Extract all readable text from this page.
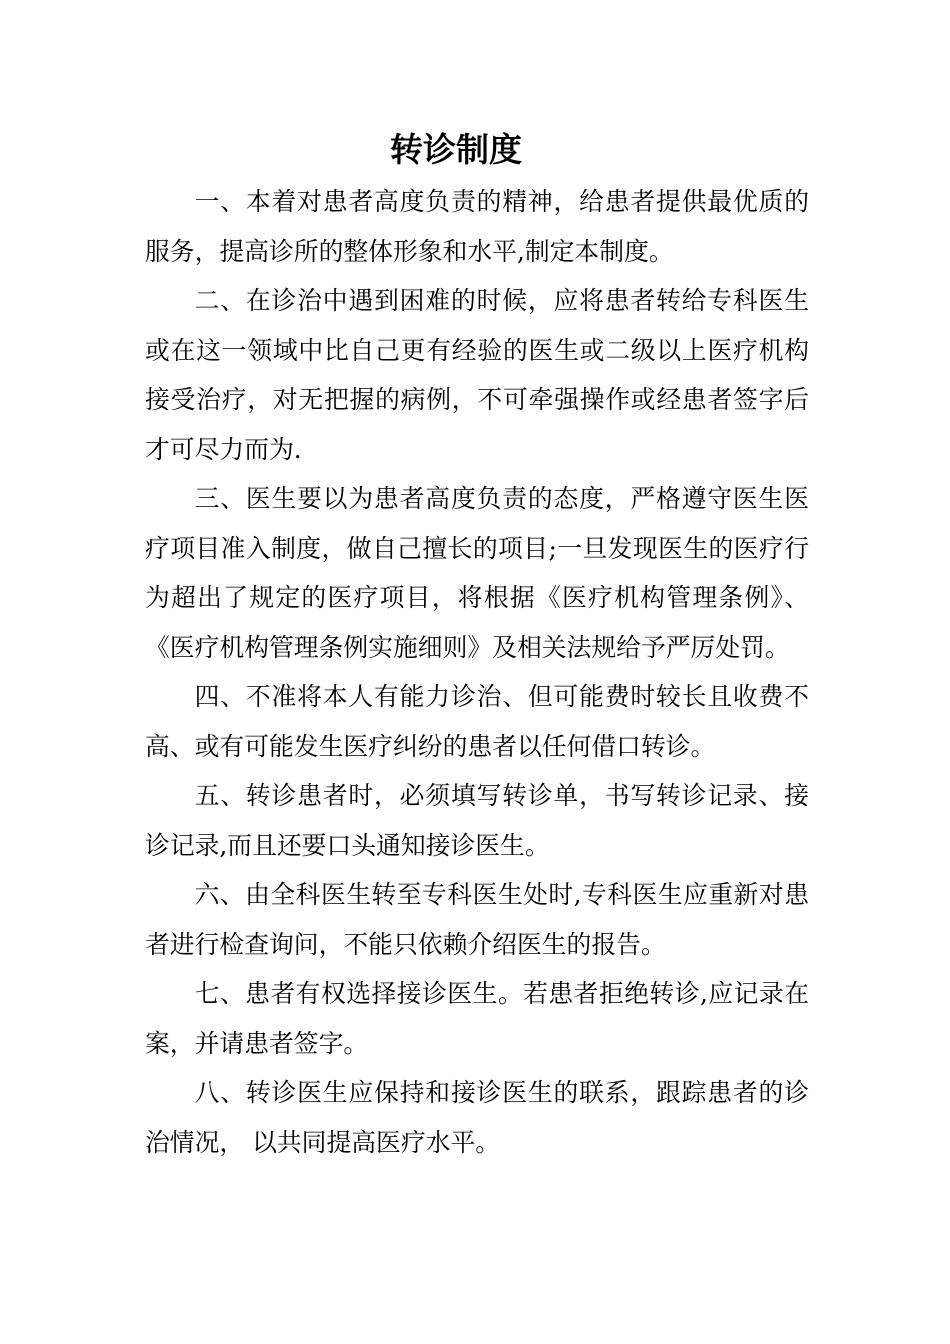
转诊制度

一、本着对患者高度负责的精神，给患者提供最优质的服务，提高诊所的整体形象和水平,制定本制度。

二、在诊治中遇到困难的时候，应将患者转给专科医生或在这一领域中比自己更有经验的医生或二级以上医疗机构接受治疗，对无把握的病例，不可牵强操作或经患者签字后才可尽力而为.

三、医生要以为患者高度负责的态度，严格遵守医生医疗项目准入制度，做自己擅长的项目;一旦发现医生的医疗行为超出了规定的医疗项目，将根据《医疗机构管理条例》、《医疗机构管理条例实施细则》及相关法规给予严厉处罚。

四、不准将本人有能力诊治、但可能费时较长且收费不高、或有可能发生医疗纠纷的患者以任何借口转诊。

五、转诊患者时，必须填写转诊单，书写转诊记录、接诊记录,而且还要口头通知接诊医生。

六、由全科医生转至专科医生处时,专科医生应重新对患者进行检查询问，不能只依赖介绍医生的报告。

七、患者有权选择接诊医生。若患者拒绝转诊,应记录在案，并请患者签字。

八、转诊医生应保持和接诊医生的联系，跟踪患者的诊治情况， 以共同提高医疗水平。
